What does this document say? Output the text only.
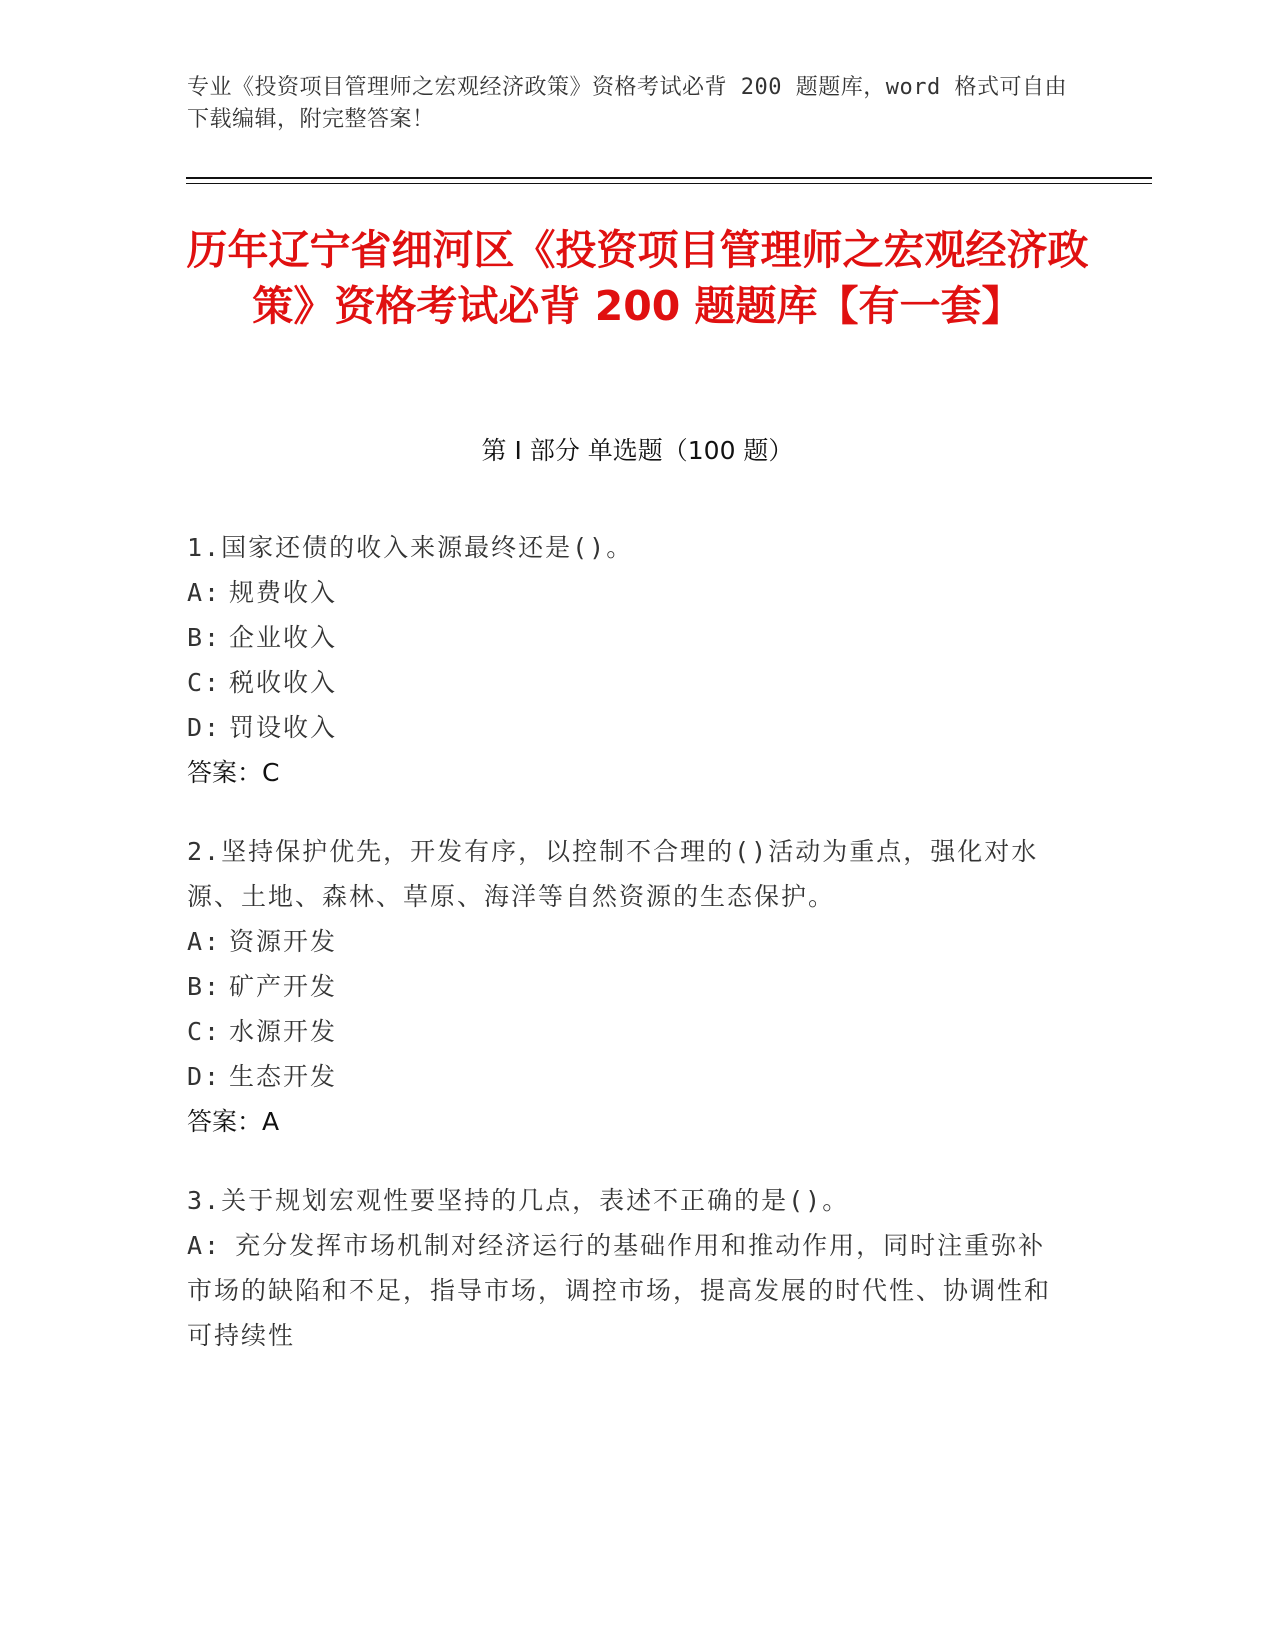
专业《投资项目管理师之宏观经济政策》资格考试必背 200 题题库，word 格式可自由下载编辑，附完整答案！
历年辽宁省细河区《投资项目管理师之宏观经济政策》资格考试必背 200 题题库【有一套】
第 I 部分 单选题（100 题）
1.国家还债的收入来源最终还是()。
A: 规费收入
B: 企业收入
C: 税收收入
D: 罚设收入
答案：C
2.坚持保护优先，开发有序，以控制不合理的()活动为重点，强化对水源、土地、森林、草原、海洋等自然资源的生态保护。
A: 资源开发
B: 矿产开发
C: 水源开发
D: 生态开发
答案：A
3.关于规划宏观性要坚持的几点，表述不正确的是()。
A: 充分发挥市场机制对经济运行的基础作用和推动作用，同时注重弥补市场的缺陷和不足，指导市场，调控市场，提高发展的时代性、协调性和可持续性
